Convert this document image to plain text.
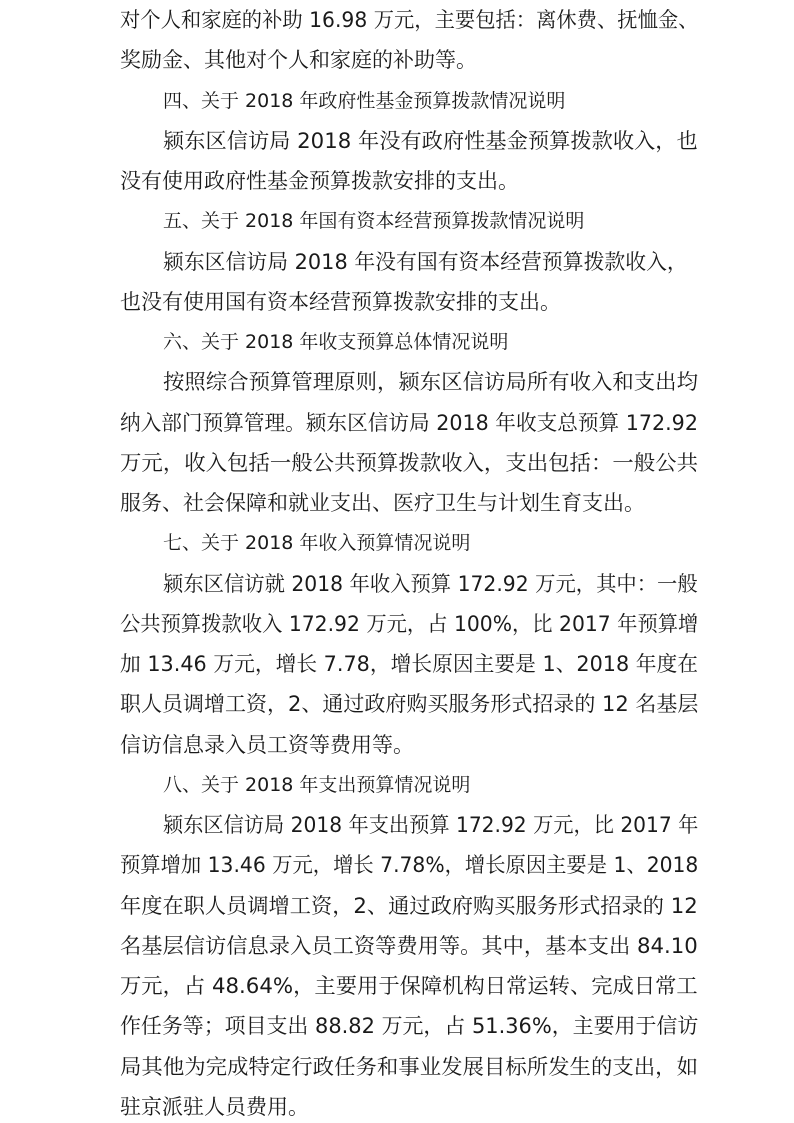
对个人和家庭的补助 16.98 万元，主要包括：离休费、抚恤金、
奖励金、其他对个人和家庭的补助等。
四、关于 2018 年政府性基金预算拨款情况说明
颍东区信访局 2018 年没有政府性基金预算拨款收入，也
没有使用政府性基金预算拨款安排的支出。
五、关于 2018 年国有资本经营预算拨款情况说明
颍东区信访局 2018 年没有国有资本经营预算拨款收入，
也没有使用国有资本经营预算拨款安排的支出。
六、关于 2018 年收支预算总体情况说明
按照综合预算管理原则，颍东区信访局所有收入和支出均
纳入部门预算管理。颍东区信访局 2018 年收支总预算 172.92
万元，收入包括一般公共预算拨款收入，支出包括：一般公共
服务、社会保障和就业支出、医疗卫生与计划生育支出。
七、关于 2018 年收入预算情况说明
颍东区信访就 2018 年收入预算 172.92 万元，其中：一般
公共预算拨款收入 172.92 万元，占 100%，比 2017 年预算增
加 13.46 万元，增长 7.78，增长原因主要是 1、2018 年度在
职人员调增工资，2、通过政府购买服务形式招录的 12 名基层
信访信息录入员工资等费用等。
八、关于 2018 年支出预算情况说明
颍东区信访局 2018 年支出预算 172.92 万元，比 2017 年
预算增加 13.46 万元，增长 7.78%，增长原因主要是 1、2018
年度在职人员调增工资，2、通过政府购买服务形式招录的 12
名基层信访信息录入员工资等费用等。其中，基本支出 84.10
万元，占 48.64%，主要用于保障机构日常运转、完成日常工
作任务等；项目支出 88.82 万元，占 51.36%，主要用于信访
局其他为完成特定行政任务和事业发展目标所发生的支出，如
驻京派驻人员费用。
